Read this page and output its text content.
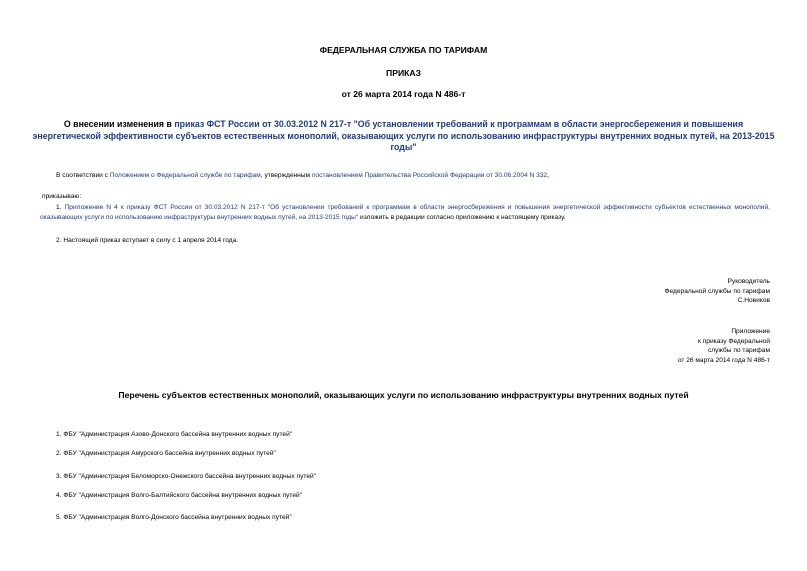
ФЕДЕРАЛЬНАЯ СЛУЖБА ПО ТАРИФАМ
ПРИКАЗ
от 26 марта 2014 года N 486-т
О внесении изменения в приказ ФСТ России от 30.03.2012 N 217-т "Об установлении требований к программам в области энергосбережения и повышения энергетической эффективности субъектов естественных монополий, оказывающих услуги по использованию инфраструктуры внутренних водных путей, на 2013-2015 годы"
В соответствии с Положением о Федеральной службе по тарифам, утвержденным постановлением Правительства Российской Федерации от 30.06.2004 N 332,
приказываю:
1. Приложение N 4 к приказу ФСТ России от 30.03.2012 N 217-т "Об установлении требований к программам в области энергосбережения и повышения энергетической эффективности субъектов естественных монополий, оказывающих услуги по использованию инфраструктуры внутренних водных путей, на 2013-2015 годы" изложить в редакции согласно приложению к настоящему приказу.
2. Настоящий приказ вступает в силу с 1 апреля 2014 года.
Руководитель
Федеральной службы по тарифам
С.Новиков
Приложение
к приказу Федеральной
службы по тарифам
от 26 марта 2014 года N 486-т
Перечень субъектов естественных монополий, оказывающих услуги по использованию инфраструктуры внутренних водных путей
1. ФБУ "Администрация Азово-Донского бассейна внутренних водных путей"
2. ФБУ "Администрация Амурского бассейна внутренних водных путей"
3. ФБУ "Администрация Беломорско-Онежского бассейна внутренних водных путей"
4. ФБУ "Администрация Волго-Балтийского бассейна внутренних водных путей"
5. ФБУ "Администрация Волго-Донского бассейна внутренних водных путей"
